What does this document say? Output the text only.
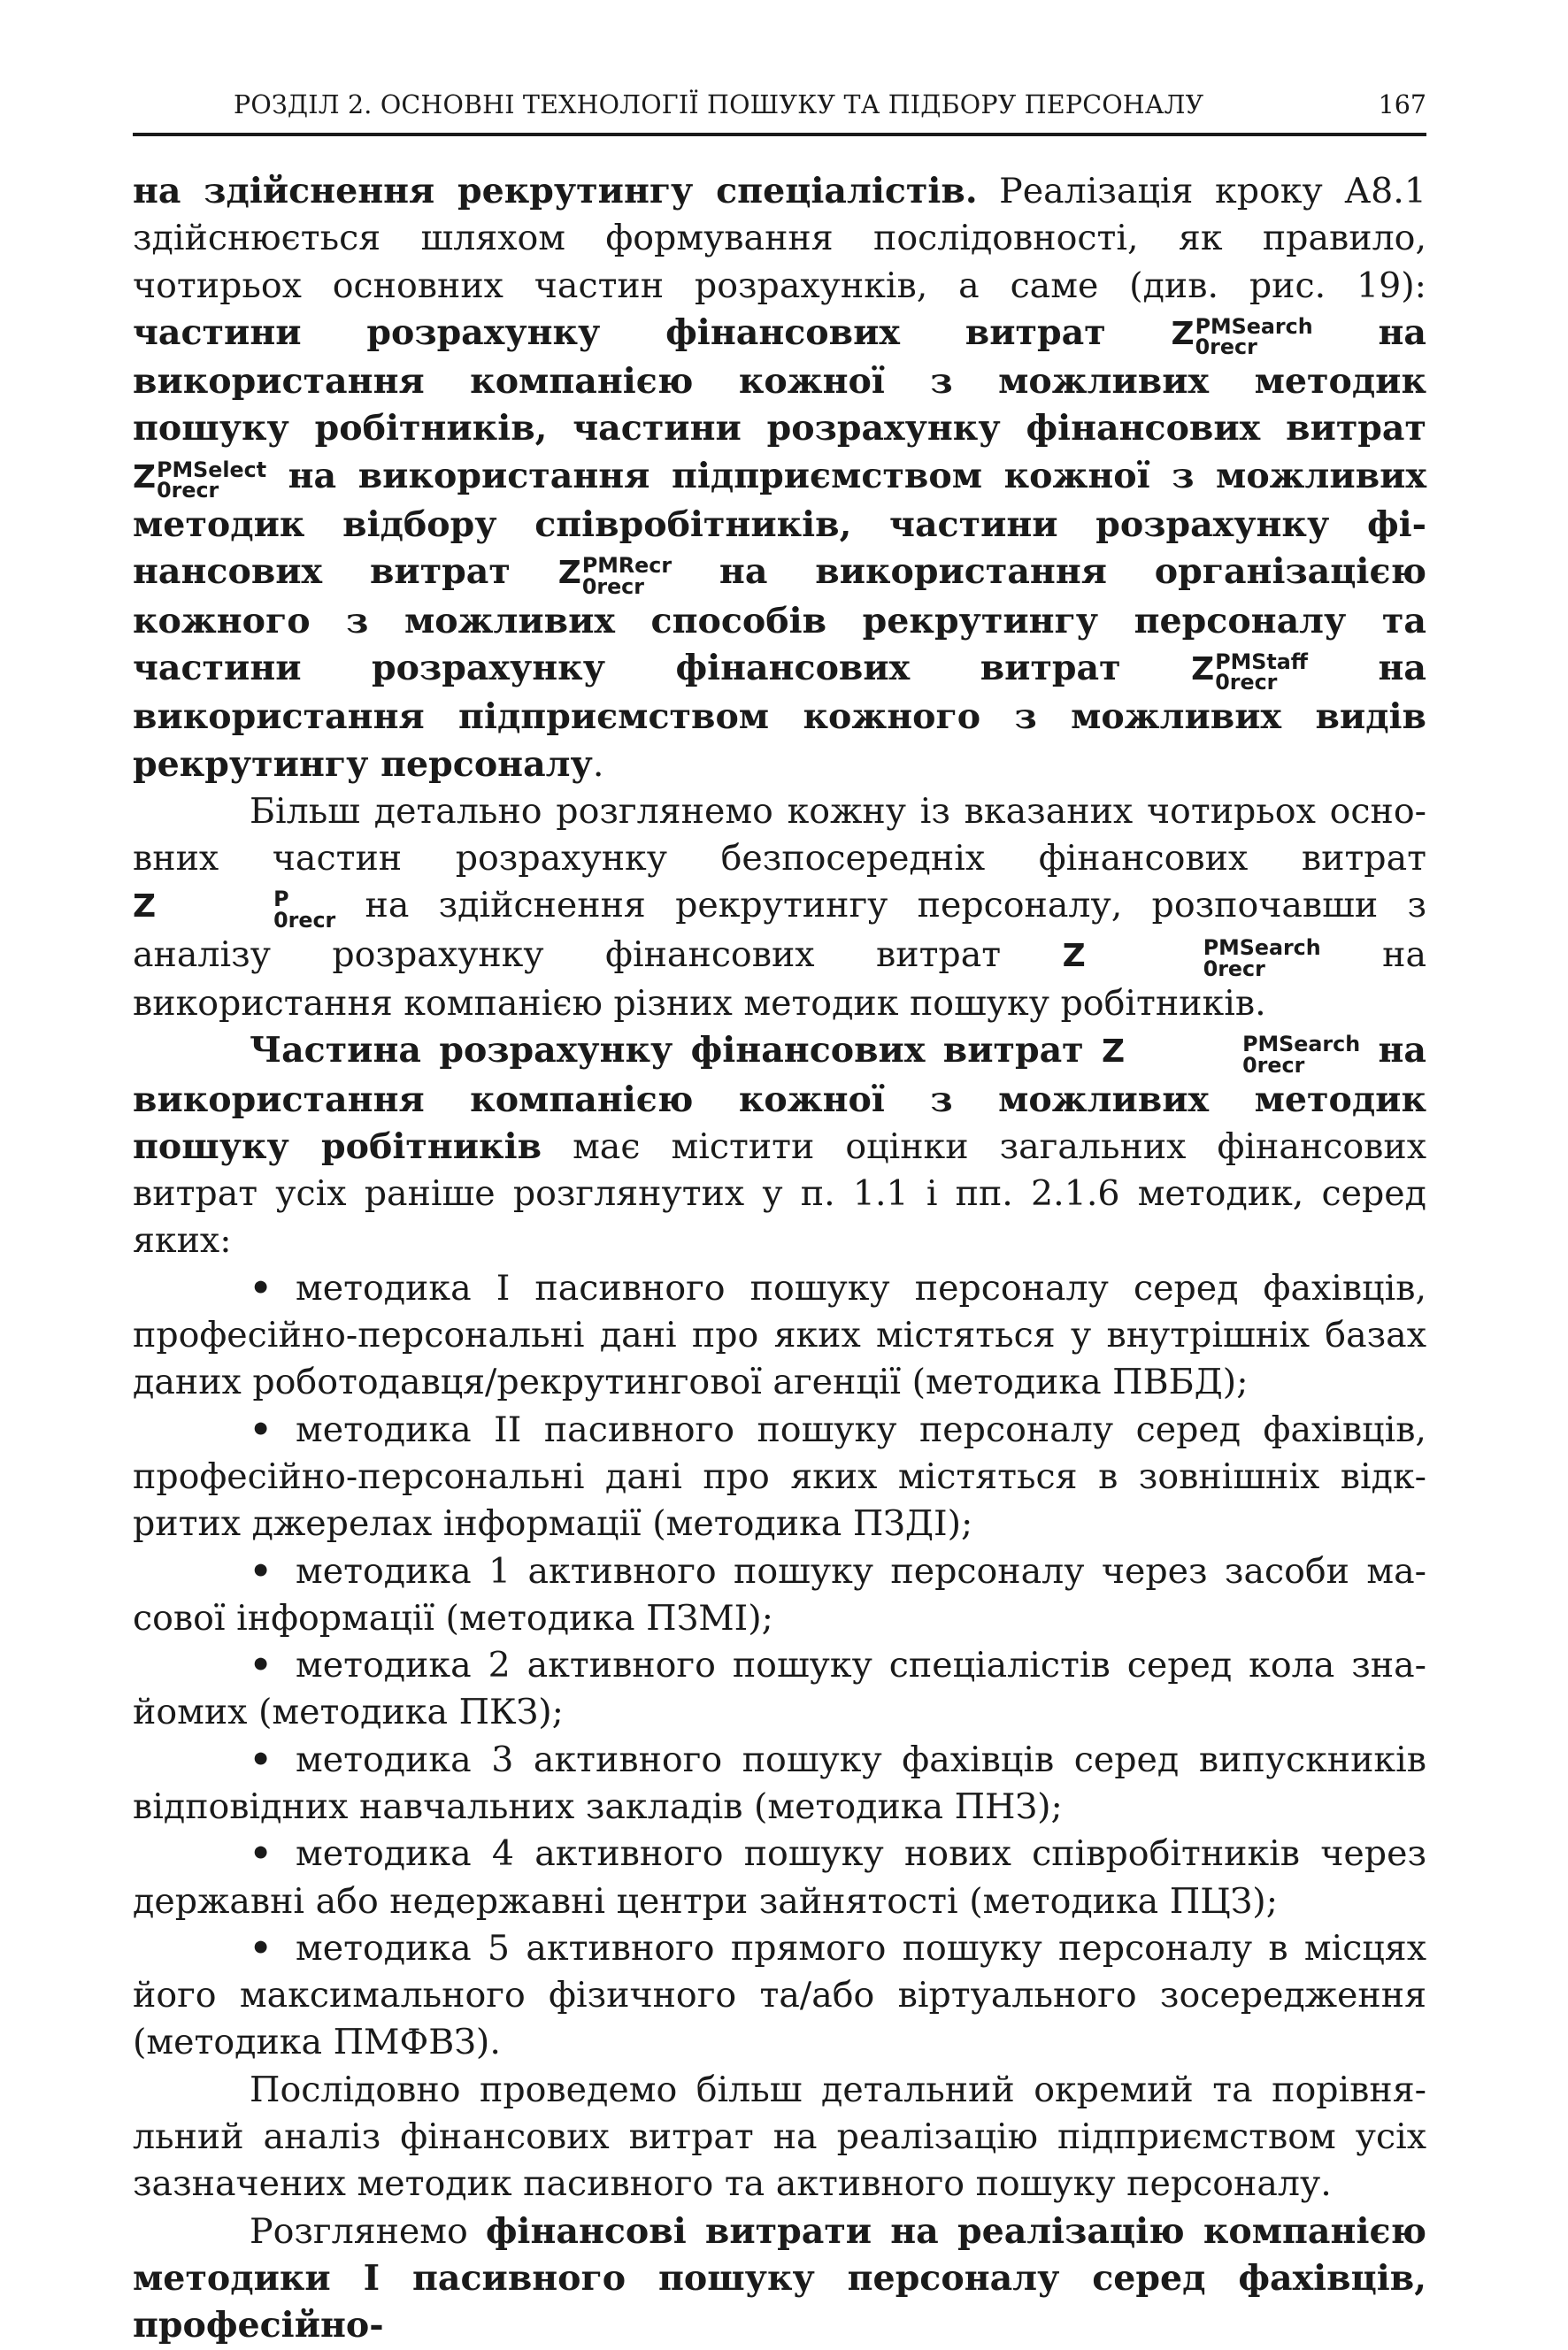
РОЗДІЛ 2. ОСНОВНІ ТЕХНОЛОГІЇ ПОШУКУ ТА ПІДБОРУ ПЕРСОНАЛУ	167

на здійснення рекрутингу спеціалістів. Реалізація кроку А8.1 здійснюється шляхом формування послідовності, як правило, чотирьох основних частин розрахунків, а саме (див. рис. 19): частини розрахунку фінансових витрат Z PMSearch
0recr	на використання компанією кожної з можливих методик пошуку робітників, частини розрахунку фінансових витрат Z PMSelect
0recr	на використання підприємством кожної з можливих методик відбору співробітників, частини розрахунку фінансових витрат Z PMRecr
0recr на використання організацією кожного з можливих способів рекрутингу персоналу та частини розрахунку фінансових витрат Z PMStaff
0recr на використання підприємством кожного з можливих видів рекрутингу персоналу.

Більш детально розглянемо кожну із вказаних чотирьох основних частин розрахунку безпосередніх фінансових витрат Z	P
0recr на здійснення рекрутингу персоналу, розпочавши з аналізу розрахунку фінансових витрат Z	PMSearch
0recr	на використання компанією різних методик пошуку робітників.

Частина розрахунку фінансових витрат Z	PMSearch
0recr	на використання компанією кожної з можливих методик пошуку робітників має містити оцінки загальних фінансових витрат усіх раніше розглянутих у п. 1.1 і пп. 2.1.6 методик, серед яких:

• методика І пасивного пошуку персоналу серед фахівців, професійно-персональні дані про яких містяться у внутрішніх базах даних роботодавця/рекрутингової агенції (методика ПВБД);
• методика ІІ пасивного пошуку персоналу серед фахівців, професійно-персональні дані про яких містяться в зовнішніх відкритих джерелах інформації (методика ПЗДІ);
• методика 1 активного пошуку персоналу через засоби масової інформації (методика ПЗМІ);
• методика 2 активного пошуку спеціалістів серед кола знайомих (методика ПКЗ);
• методика 3 активного пошуку фахівців серед випускників відповідних навчальних закладів (методика ПНЗ);
• методика 4 активного пошуку нових співробітників через державні або недержавні центри зайнятості (методика ПЦЗ);
• методика 5 активного прямого пошуку персоналу в місцях його максимального фізичного та/або віртуального зосередження (методика ПМФВЗ).

Послідовно проведемо більш детальний окремий та порівняльний аналіз фінансових витрат на реалізацію підприємством усіх зазначених методик пасивного та активного пошуку персоналу.

Розглянемо фінансові витрати на реалізацію компанією методики І пасивного пошуку персоналу серед фахівців, професійно-
